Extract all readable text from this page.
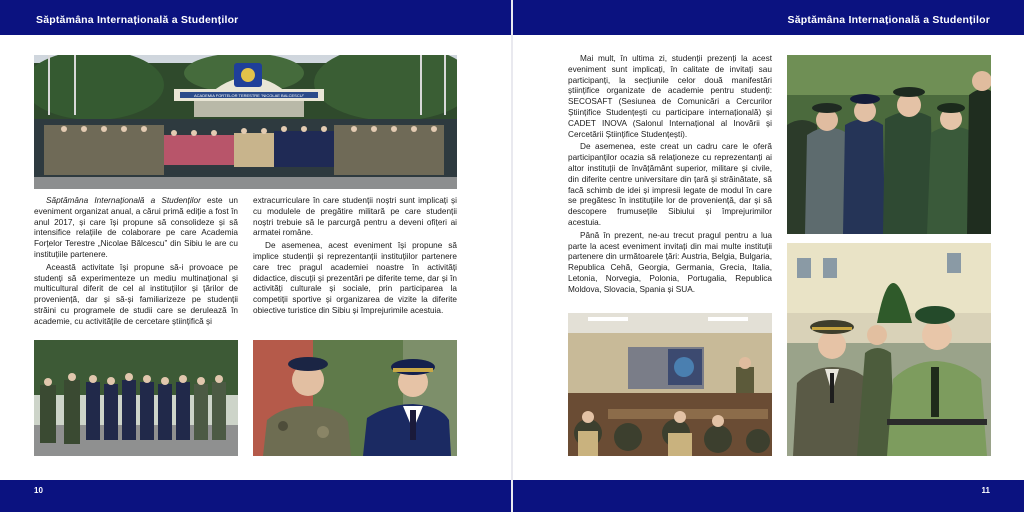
Săptămâna Internațională a Studenților	Săptămâna Internațională a Studenților
10	11
ACADEMIA FORTELOR TERESTRE "NICOLAE BALCESCU"

Săptămâna Internațională a Studenților este un eveniment organizat anual, a cărui primă ediție a fost în anul 2017, și care își propune să consolideze și să intensifice relațiile de colaborare pe care Academia Forțelor Terestre „Nicolae Bălcescu” din Sibiu le are cu instituțiile partenere.

Această activitate își propune să-i provoace pe studenți să experimenteze un mediu multinațional și multicultural diferit de cel al instituțiilor și țărilor de proveniență, dar și să-și familiarizeze pe studenții străini cu programele de studii care se derulează în academie, cu activitățile de cercetare științifică și

extracurriculare în care studenții noștri sunt implicați și cu modulele de pregătire militară pe care studenții noștri trebuie să le parcurgă pentru a deveni ofițeri ai armatei române.

De asemenea, acest eveniment își propune să implice studenții și reprezentanții instituțiilor partenere care trec pragul academiei noastre în activități didactice, discuții și prezentări pe diferite teme, dar și în activități culturale și sociale, prin participarea la competiții sportive și organizarea de vizite la diferite obiective turistice din Sibiu și împrejurimile acestuia.

Mai mult, în ultima zi, studenții prezenți la acest eveniment sunt implicați, în calitate de invitați sau participanți, la secțiunile celor două manifestări științifice organizate de academie pentru studenți: SECOSAFT (Sesiunea de Comunicări a Cercurilor Științifice Studențești cu participare internațională) și CADET INOVA (Salonul Internațional al Inovării și Cercetării Științifice Studențești).

De asemenea, este creat un cadru care le oferă participanților ocazia să relaționeze cu reprezentanți ai altor instituții de învățământ superior, militare și civile, din diferite centre universitare din țară și străinătate, să facă schimb de idei și impresii legate de modul în care se pregătesc în instituțiile lor de proveniență, dar și să descopere frumusețile Sibiului și împrejurimilor acestuia.

Până în prezent, ne-au trecut pragul pentru a lua parte la acest eveniment invitați din mai multe instituții partenere din următoarele țări: Austria, Belgia, Bulgaria, Republica Cehă, Georgia, Germania, Grecia, Italia, Letonia, Norvegia, Polonia, Portugalia, Republica Moldova, Slovacia, Spania și SUA.
